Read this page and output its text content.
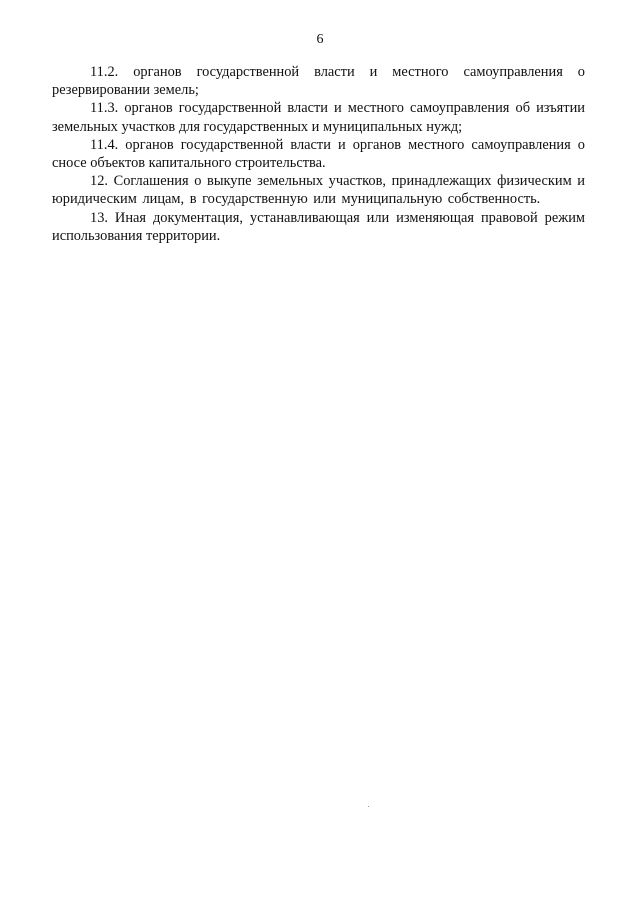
6

11.2. органов государственной власти и местного самоуправления о резервировании земель;

11.3. органов государственной власти и местного самоуправления об изъятии земельных участков для государственных и муниципальных нужд;

11.4. органов государственной власти и органов местного самоуправления о сносе объектов капитального строительства.

12. Соглашения о выкупе земельных участков, принадлежащих физическим и юридическим лицам, в государственную или муниципальную собственность.

13. Иная документация, устанавливающая или изменяющая правовой режим использования территории.
